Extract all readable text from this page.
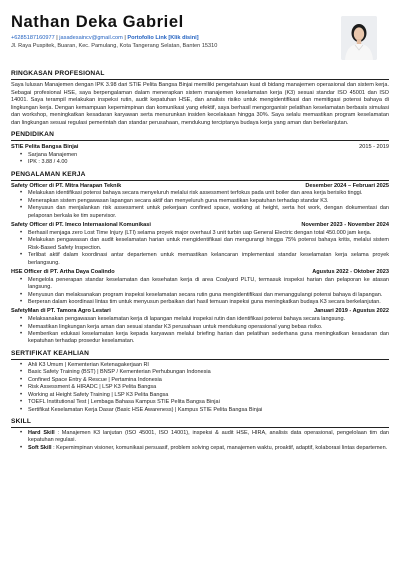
Nathan Deka Gabriel
+6285187160977 | jasadesaincv@gmail.com | Portofolio Link [Klik disini]
Jl. Raya Puspitek, Buaran, Kec. Pamulang, Kota Tangerang Selatan, Banten 15310
RINGKASAN PROFESIONAL
Saya lulusan Manajemen dengan IPK 3.98 dari STIE Pelita Bangsa Binjai memiliki pengetahuan kuat di bidang manajemen operasional dan sistem kerja. Sebagai profesional HSE, saya berpengalaman dalam menerapkan sistem manajemen keselamatan kerja (K3) sesuai standar ISO 45001 dan ISO 14001. Saya terampil melakukan inspeksi rutin, audit kepatuhan HSE, dan analisis risiko untuk mengidentifikasi dan memitigasi potensi bahaya di lingkungan kerja. Dengan kemampuan kepemimpinan dan komunikasi yang efektif, saya berhasil mengorganisir pelatihan keselamatan berbasis simulasi dan workshop, meningkatkan kesadaran karyawan serta menurunkan insiden kecelakaan hingga 30%. Saya selalu memastikan program keselamatan dan lingkungan sesuai regulasi pemerintah dan standar perusahaan, mendukung terciptanya budaya kerja yang aman dan berkelanjutan.
PENDIDIKAN
STIE Pelita Bangsa Binjai	2015 - 2019
• Sarjana Manajemen
• IPK : 3.88 / 4.00
PENGALAMAN KERJA
Safety Officer di PT. Mitra Harapan Teknik	Desember 2024 – Februari 2025
• Melakukan identifikasi potensi bahaya secara menyeluruh melalui risk assessment terfokus pada unit boiler dan area kerja berisiko tinggi.
• Menerapkan sistem pengawasan lapangan secara aktif dan menyeluruh guna memastikan kepatuhan terhadap standar K3.
• Menyusun dan menjalankan risk assessment untuk pekerjaan confined space, working at height, serta hot work, dengan dokumentasi dan pelaporan berkala ke tim supervisor.
Safety Officer di PT. Imeco Internasional Komunikasi	November 2023 - November 2024
• Berhasil menjaga zero Lost Time Injury (LTI) selama proyek major overhaul 3 unit turbin uap General Electric dengan total 450.000 jam kerja.
• Melakukan pengawasan dan audit keselamatan harian untuk mengidentifikasi dan mengurangi hingga 75% potensi bahaya kritis, melalui sistem Risk-Based Safety Inspection.
• Terlibat aktif dalam koordinasi antar departemen untuk memastikan kelancaran implementasi standar keselamatan kerja selama proyek berlangsung.
HSE Officer di PT. Artha Daya Coalindo	Agustus 2022 - Oktober 2023
• Mengelola penerapan standar keselamatan dan kesehatan kerja di area Coalyard PLTU, termasuk inspeksi harian dan pelaporan ke atasan langsung.
• Menyusun dan melaksanakan program inspeksi keselamatan secara rutin guna mengidentifikasi dan menanggulangi potensi bahaya di lapangan.
• Berperan dalam koordinasi lintas tim untuk menyusun perbaikan dari hasil temuan inspeksi guna meningkatkan budaya K3 secara berkelanjutan.
SafetyMan di PT. Tamora Agro Lestari	Januari 2019 - Agustus 2022
• Melaksanakan pengawasan keselamatan kerja di lapangan melalui inspeksi rutin dan identifikasi potensi bahaya secara langsung.
• Memastikan lingkungan kerja aman dan sesuai standar K3 perusahaan untuk mendukung operasional yang bebas risiko.
• Memberikan edukasi keselamatan kerja kepada karyawan melalui briefing harian dan pelatihan sederhana guna meningkatkan kesadaran dan kepatuhan terhadap prosedur keselamatan.
SERTIFIKAT KEAHLIAN
• Ahli K3 Umum | Kementerian Ketenagakerjaan RI
• Basic Safety Training (BST) | BNSP / Kementerian Perhubungan Indonesia
• Confined Space Entry & Rescue | Pertamina Indonesia
• Risk Assessment & HIRADC | LSP K3 Pelita Bangsa
• Working at Height Safety Training | LSP K3 Pelita Bangsa
• TOEFL Institutional Test | Lembaga Bahasa Kampus STIE Pelita Bangsa Binjai
• Sertifikat Keselamatan Kerja Dasar (Basic HSE Awareness) | Kampus STIE Pelita Bangsa Binjai
SKILL
• Hard Skill : Manajemen K3 lanjutan (ISO 45001, ISO 14001), inspeksi & audit HSE, HIRA, analisis data operasional, pengelolaan tim dan kepatuhan regulasi.
• Soft Skill : Kepemimpinan visioner, komunikasi persuasif, problem solving cepat, manajemen waktu, proaktif, adaptif, kolaborasi lintas departemen.
